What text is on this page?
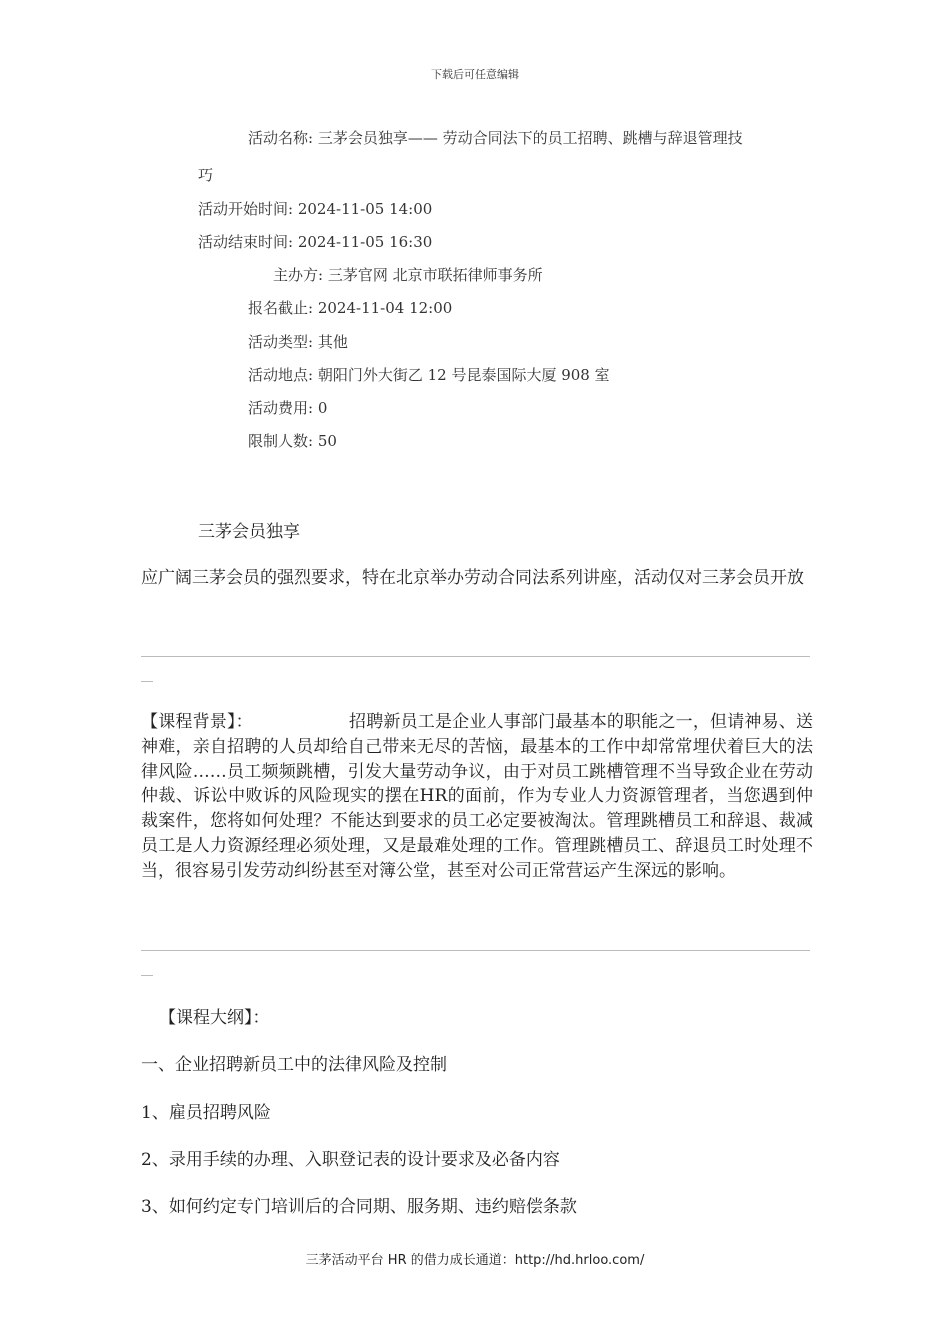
下载后可任意编辑
活动名称: 三茅会员独享—— 劳动合同法下的员工招聘、跳槽与辞退管理技
巧
活动开始时间: 2024-11-05 14:00
活动结束时间: 2024-11-05 16:30
主办方: 三茅官网 北京市联拓律师事务所
报名截止: 2024-11-04 12:00
活动类型: 其他
活动地点: 朝阳门外大街乙 12 号昆泰国际大厦 908 室
活动费用: 0
限制人数: 50
三茅会员独享
应广阔三茅会员的强烈要求，特在北京举办劳动合同法系列讲座，活动仅对三茅会员开放
【课程背景】：	招聘新员工是企业人事部门最基本的职能之一，但请神易、送神难，亲自招聘的人员却给自己带来无尽的苦恼，最基本的工作中却常常埋伏着巨大的法律风险……员工频频跳槽，引发大量劳动争议，由于对员工跳槽管理不当导致企业在劳动仲裁、诉讼中败诉的风险现实的摆在HR的面前，作为专业人力资源管理者，当您遇到仲裁案件，您将如何处理？不能达到要求的员工必定要被淘汰。管理跳槽员工和辞退、裁减员工是人力资源经理必须处理，又是最难处理的工作。管理跳槽员工、辞退员工时处理不当，很容易引发劳动纠纷甚至对簿公堂，甚至对公司正常营运产生深远的影响。
【课程大纲】：
一、企业招聘新员工中的法律风险及控制
1、雇员招聘风险
2、录用手续的办理、入职登记表的设计要求及必备内容
3、如何约定专门培训后的合同期、服务期、违约赔偿条款
三茅活动平台 HR 的借力成长通道：http://hd.hrloo.com/
